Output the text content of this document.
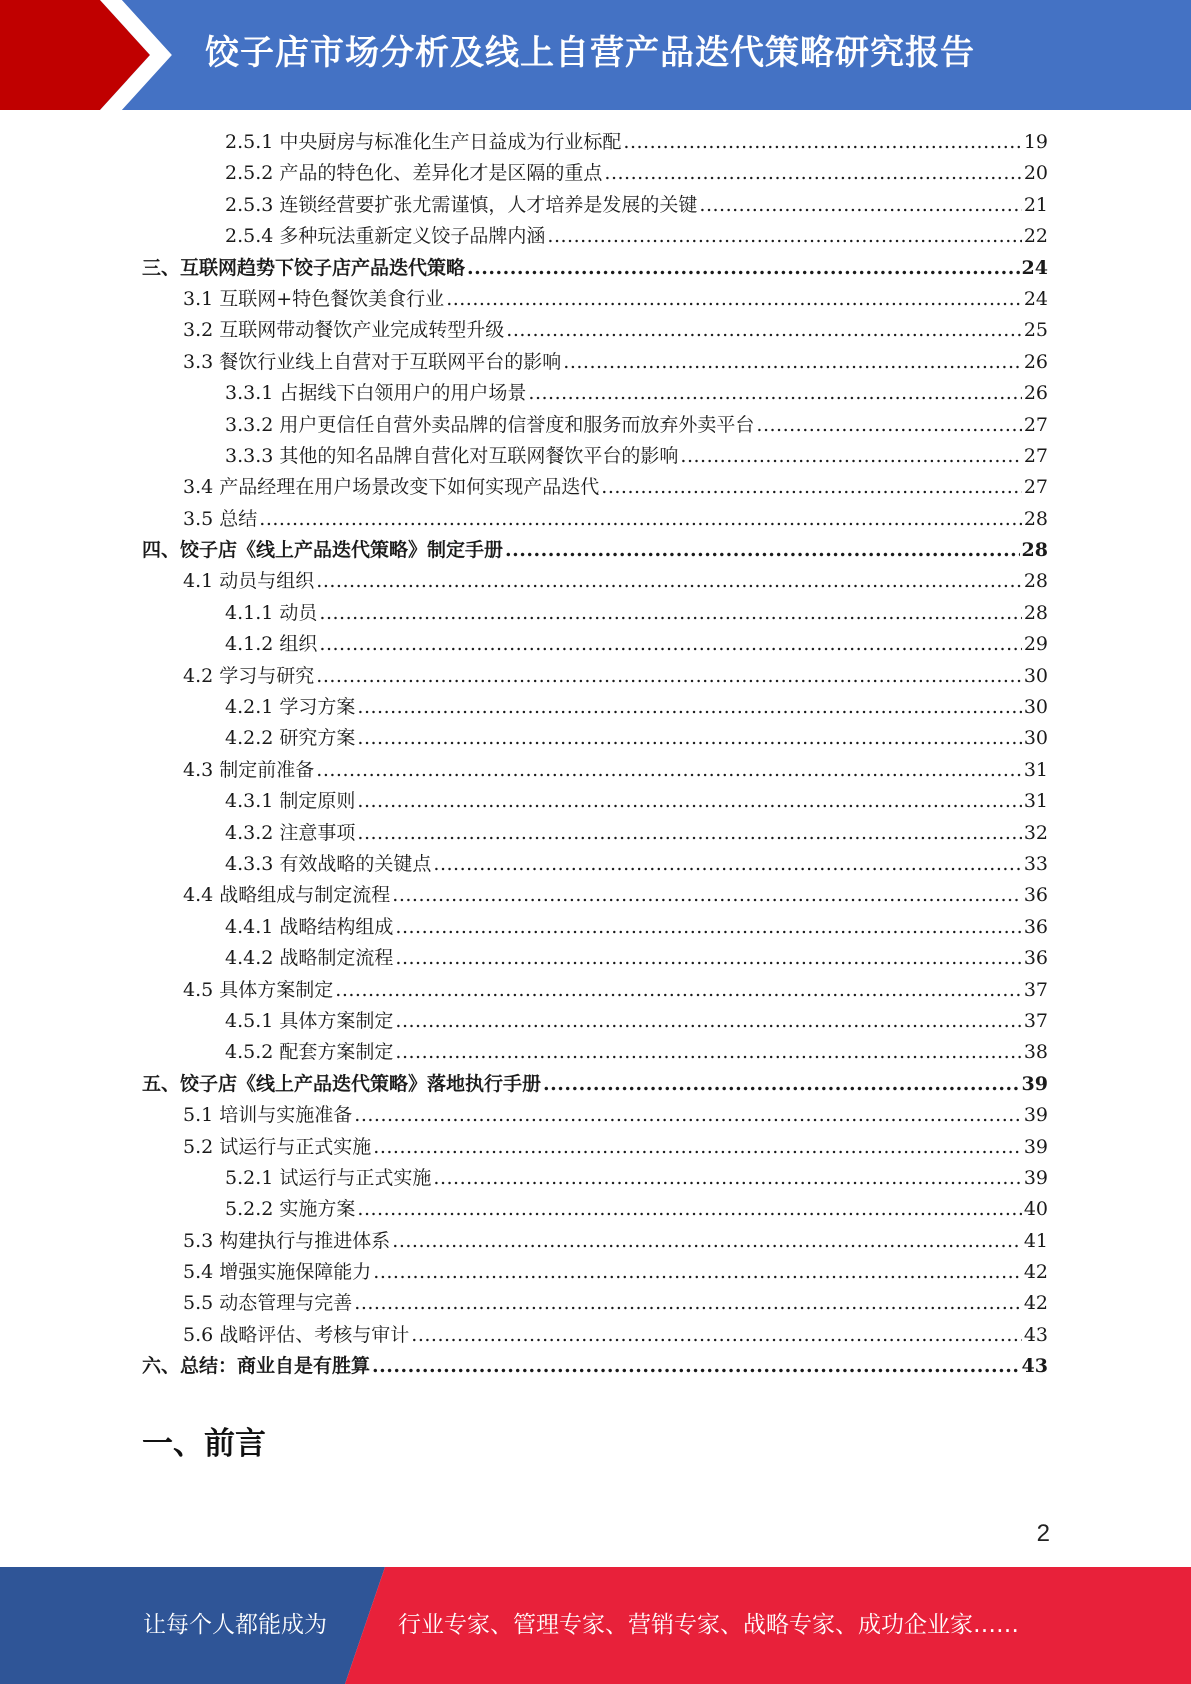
饺子店市场分析及线上自营产品迭代策略研究报告
2.5.1 中央厨房与标准化生产日益成为行业标配 .....	19
2.5.2 产品的特色化、差异化才是区隔的重点 .....	20
2.5.3 连锁经营要扩张尤需谨慎，人才培养是发展的关键 .....	21
2.5.4 多种玩法重新定义饺子品牌内涵 .....	22
三、互联网趋势下饺子店产品迭代策略 .....	24
3.1 互联网+特色餐饮美食行业 .....	24
3.2 互联网带动餐饮产业完成转型升级 .....	25
3.3 餐饮行业线上自营对于互联网平台的影响 .....	26
3.3.1 占据线下白领用户的用户场景 .....	26
3.3.2 用户更信任自营外卖品牌的信誉度和服务而放弃外卖平台 .....	27
3.3.3 其他的知名品牌自营化对互联网餐饮平台的影响 .....	27
3.4 产品经理在用户场景改变下如何实现产品迭代 .....	27
3.5 总结 .....	28
四、饺子店《线上产品迭代策略》制定手册 .....	28
4.1 动员与组织 .....	28
4.1.1 动员 .....	28
4.1.2 组织 .....	29
4.2 学习与研究 .....	30
4.2.1 学习方案 .....	30
4.2.2 研究方案 .....	30
4.3 制定前准备 .....	31
4.3.1 制定原则 .....	31
4.3.2 注意事项 .....	32
4.3.3 有效战略的关键点 .....	33
4.4 战略组成与制定流程 .....	36
4.4.1 战略结构组成 .....	36
4.4.2 战略制定流程 .....	36
4.5 具体方案制定 .....	37
4.5.1 具体方案制定 .....	37
4.5.2 配套方案制定 .....	38
五、饺子店《线上产品迭代策略》落地执行手册 .....	39
5.1 培训与实施准备 .....	39
5.2 试运行与正式实施 .....	39
5.2.1 试运行与正式实施 .....	39
5.2.2 实施方案 .....	40
5.3 构建执行与推进体系 .....	41
5.4 增强实施保障能力 .....	42
5.5 动态管理与完善 .....	42
5.6 战略评估、考核与审计 .....	43
六、总结：商业自是有胜算 .....	43
一、前言
2
让每个人都能成为	行业专家、管理专家、营销专家、战略专家、成功企业家……
